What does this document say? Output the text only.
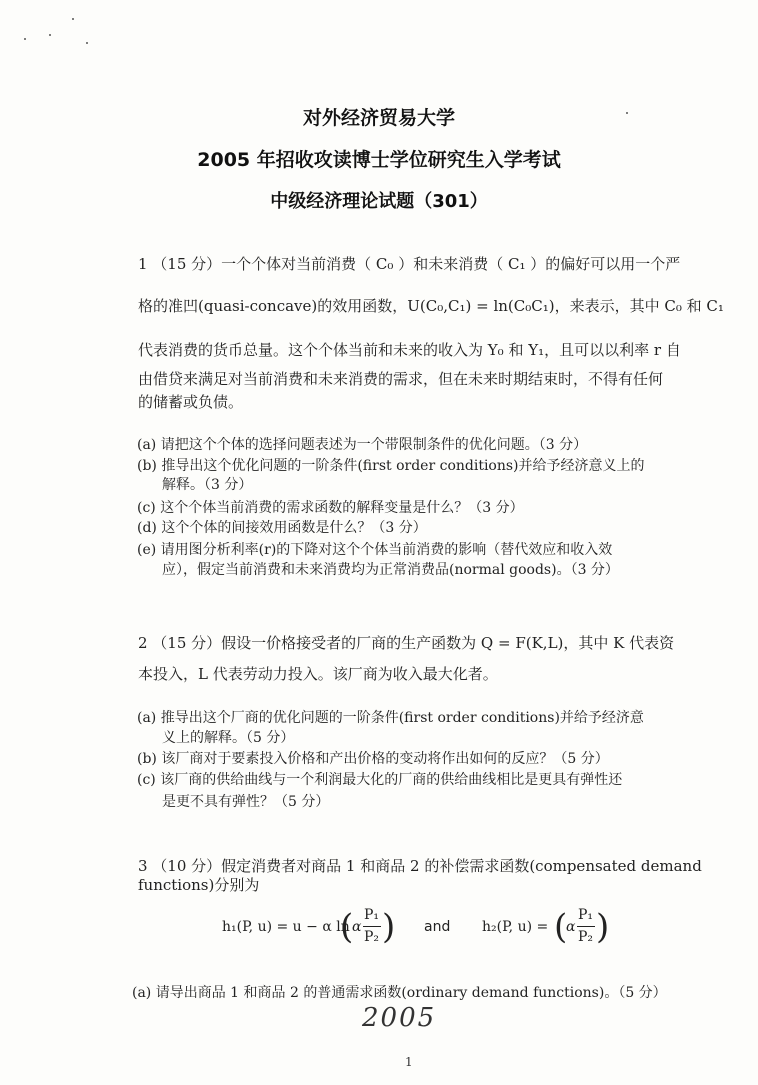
对外经济贸易大学
2005 年招收攻读博士学位研究生入学考试
中级经济理论试题（301）
1 （15 分）一个个体对当前消费（ C₀ ）和未来消费（ C₁ ）的偏好可以用一个严
格的准凹(quasi-concave)的效用函数，U(C₀,C₁) = ln(C₀C₁)，来表示，其中 C₀ 和 C₁
代表消费的货币总量。这个个体当前和未来的收入为 Y₀ 和 Y₁，且可以以利率 r 自
由借贷来满足对当前消费和未来消费的需求，但在未来时期结束时，不得有任何
的储蓄或负债。
(a) 请把这个个体的选择问题表述为一个带限制条件的优化问题。（3 分）
(b) 推导出这个优化问题的一阶条件(first order conditions)并给予经济意义上的
解释。（3 分）
(c) 这个个体当前消费的需求函数的解释变量是什么？（3 分）
(d) 这个个体的间接效用函数是什么？（3 分）
(e) 请用图分析利率(r)的下降对这个个体当前消费的影响（替代效应和收入效
应），假定当前消费和未来消费均为正常消费品(normal goods)。（3 分）
2 （15 分）假设一价格接受者的厂商的生产函数为 Q = F(K,L)，其中 K 代表资
本投入，L 代表劳动力投入。该厂商为收入最大化者。
(a) 推导出这个厂商的优化问题的一阶条件(first order conditions)并给予经济意
义上的解释。（5 分）
(b) 该厂商对于要素投入价格和产出价格的变动将作出如何的反应？（5 分）
(c) 该厂商的供给曲线与一个利润最大化的厂商的供给曲线相比是更具有弹性还
是更不具有弹性？（5 分）
3 （10 分）假定消费者对商品 1 和商品 2 的补偿需求函数(compensated demand
functions)分别为
h₁(P, u) = u − α ln
(
α
P₁
P₂ ) and h₂(P, u) = (
α
P₁
P₂ )
(a) 请导出商品 1 和商品 2 的普通需求函数(ordinary demand functions)。（5 分）
2005
1
